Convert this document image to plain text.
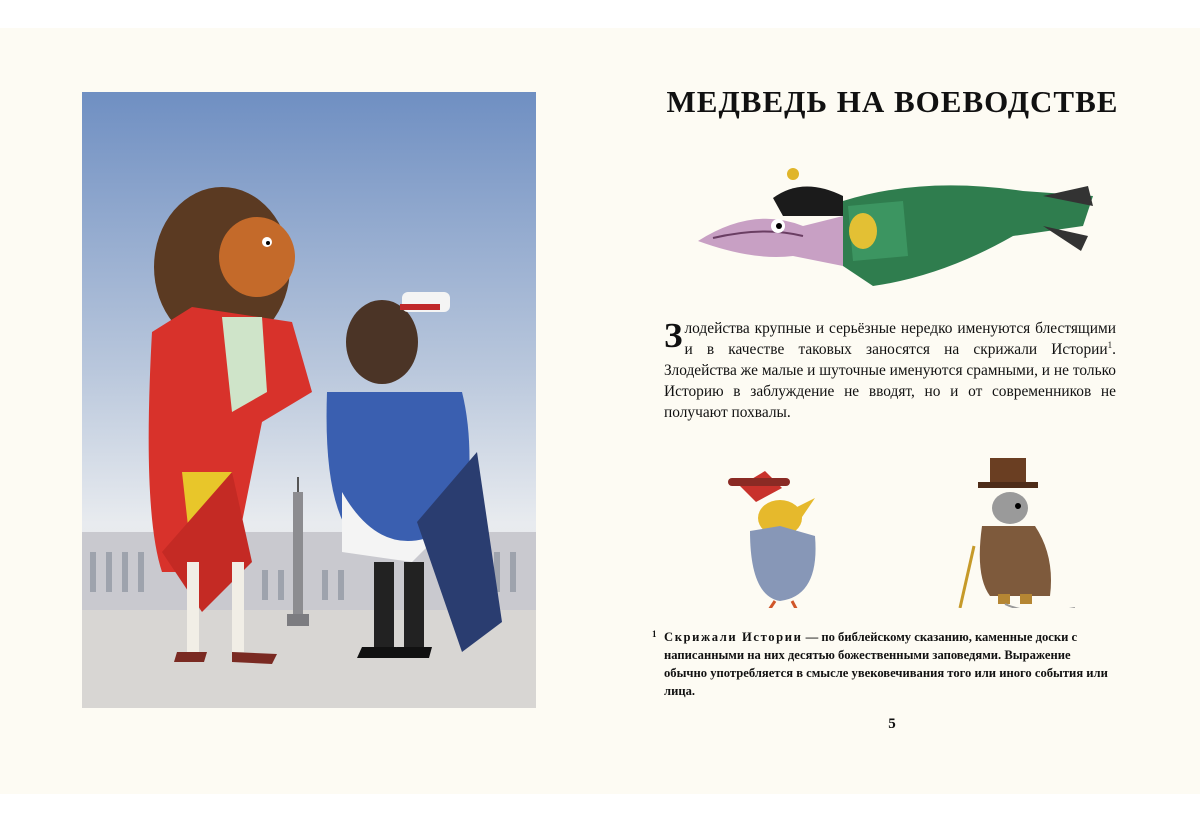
МЕДВЕДЬ НА ВОЕВОДСТВЕ

Злодейства крупные и серьёзные нередко именуются блестящими и в качестве таковых заносятся на скрижали Истории$^1$. Злодейства же малые и шуточные именуются срамными, и не только Историю в заблуждение не вводят, но и от современников не получают похвалы.

1 Скрижали Истории — по библейскому сказанию, каменные доски с написанными на них десятью божественными заповедями. Выражение обычно употребляется в смысле увековечивания того или иного события или лица.
5
